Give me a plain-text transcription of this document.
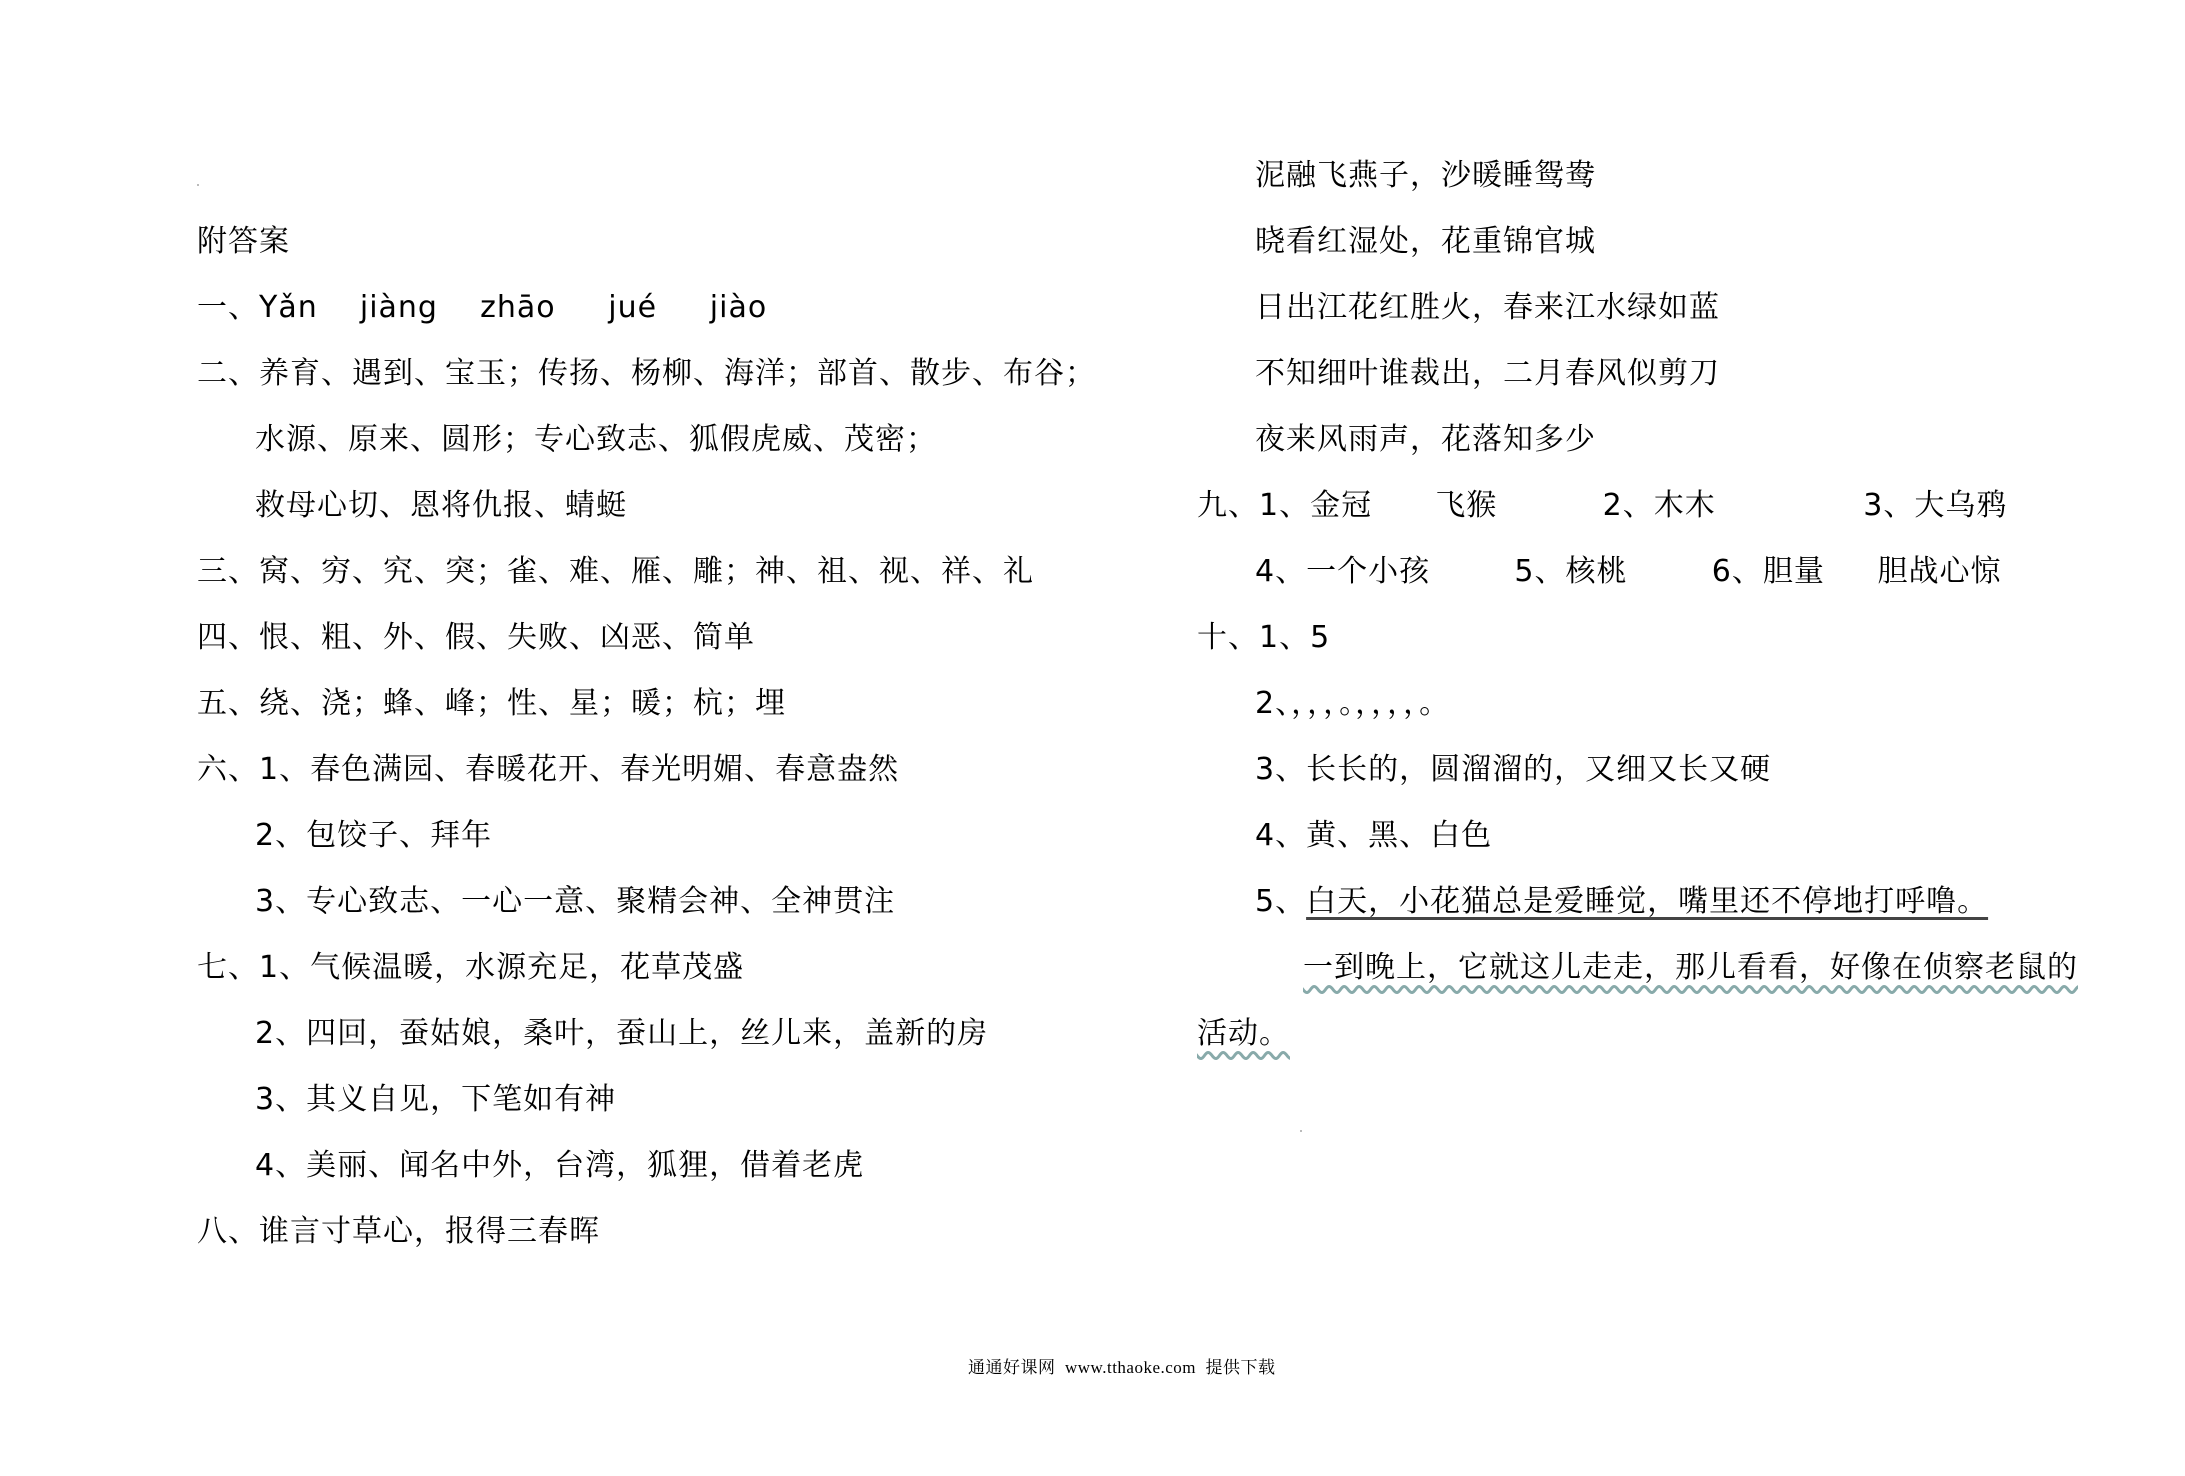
附答案
一、Yǎn    jiàng    zhāo     jué     jiào
二、养育、遇到、宝玉；传扬、杨柳、海洋；部首、散步、布谷；
水源、原来、圆形；专心致志、狐假虎威、茂密；
救母心切、恩将仇报、蜻蜓
三、窝、穷、究、突；雀、难、雁、雕；神、祖、视、祥、礼
四、恨、粗、外、假、失败、凶恶、简单
五、绕、浇；蜂、峰；性、星；暖；杭；埋
六、1、春色满园、春暖花开、春光明媚、春意盎然
2、包饺子、拜年
3、专心致志、一心一意、聚精会神、全神贯注
七、1、气候温暖，水源充足，花草茂盛
2、四回，蚕姑娘，桑叶，蚕山上，丝儿来，盖新的房
3、其义自见，下笔如有神
4、美丽、闻名中外，台湾，狐狸，借着老虎
八、谁言寸草心，报得三春晖
泥融飞燕子，沙暖睡鸳鸯
晓看红湿处，花重锦官城
日出江花红胜火，春来江水绿如蓝
不知细叶谁裁出，二月春风似剪刀
夜来风雨声，花落知多少
九、1、金冠      飞猴          2、木木              3、大乌鸦
4、一个小孩        5、核桃        6、胆量     胆战心惊
十、1、5
2、，，，。，，，，。
3、长长的，圆溜溜的，又细又长又硬
4、黄、黑、白色
5、白天，小花猫总是爱睡觉，嘴里还不停地打呼噜。
一到晚上，它就这儿走走，那儿看看，好像在侦察老鼠的
活动。
通通好课网  www.tthaoke.com  提供下载
